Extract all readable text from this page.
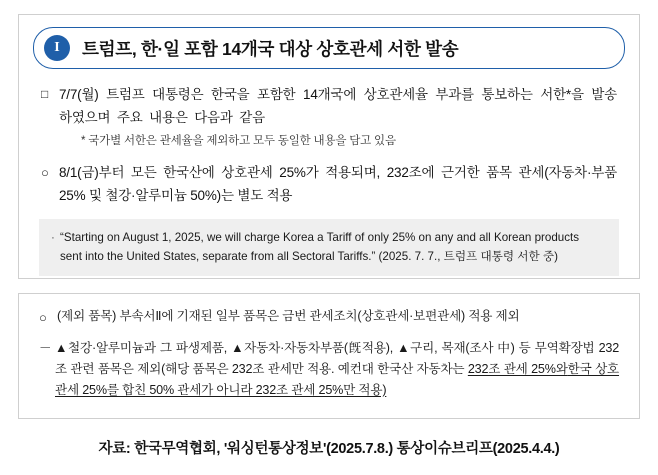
I	트럼프, 한·일 포함 14개국 대상 상호관세 서한 발송
□ 7/7(월) 트럼프 대통령은 한국을 포함한 14개국에 상호관세율 부과를 통보하는 서한*을 발송하였으며 주요 내용은 다음과 같음
* 국가별 서한은 관세율을 제외하고 모두 동일한 내용을 담고 있음
○ 8/1(금)부터 모든 한국산에 상호관세 25%가 적용되며, 232조에 근거한 품목 관세(자동차·부품 25% 및 철강·알루미늄 50%)는 별도 적용
· “Starting on August 1, 2025, we will charge Korea a Tariff of only 25% on any and all Korean products
sent into the United States, separate from all Sectoral Tariffs.” (2025. 7. 7., 트럼프 대통령 서한 중)
○ (제외 품목) 부속서Ⅱ에 기재된 일부 품목은 금번 관세조치(상호관세·보편관세) 적용 제외
－ ▲철강·알루미늄과 그 파생제품, ▲자동차·자동차부품(旣적용), ▲구리, 목재(조사 中) 등 무역확장법 232조 관련 품목은 제외(해당 품목은 232조 관세만 적용. 예컨대 한국산 자동차는 232조 관세 25%와한국 상호관세 25%를 합친 50% 관세가 아니라 232조 관세 25%만 적용)
자료: 한국무역협회, '워싱턴통상정보'(2025.7.8.) 통상이슈브리프(2025.4.4.)
